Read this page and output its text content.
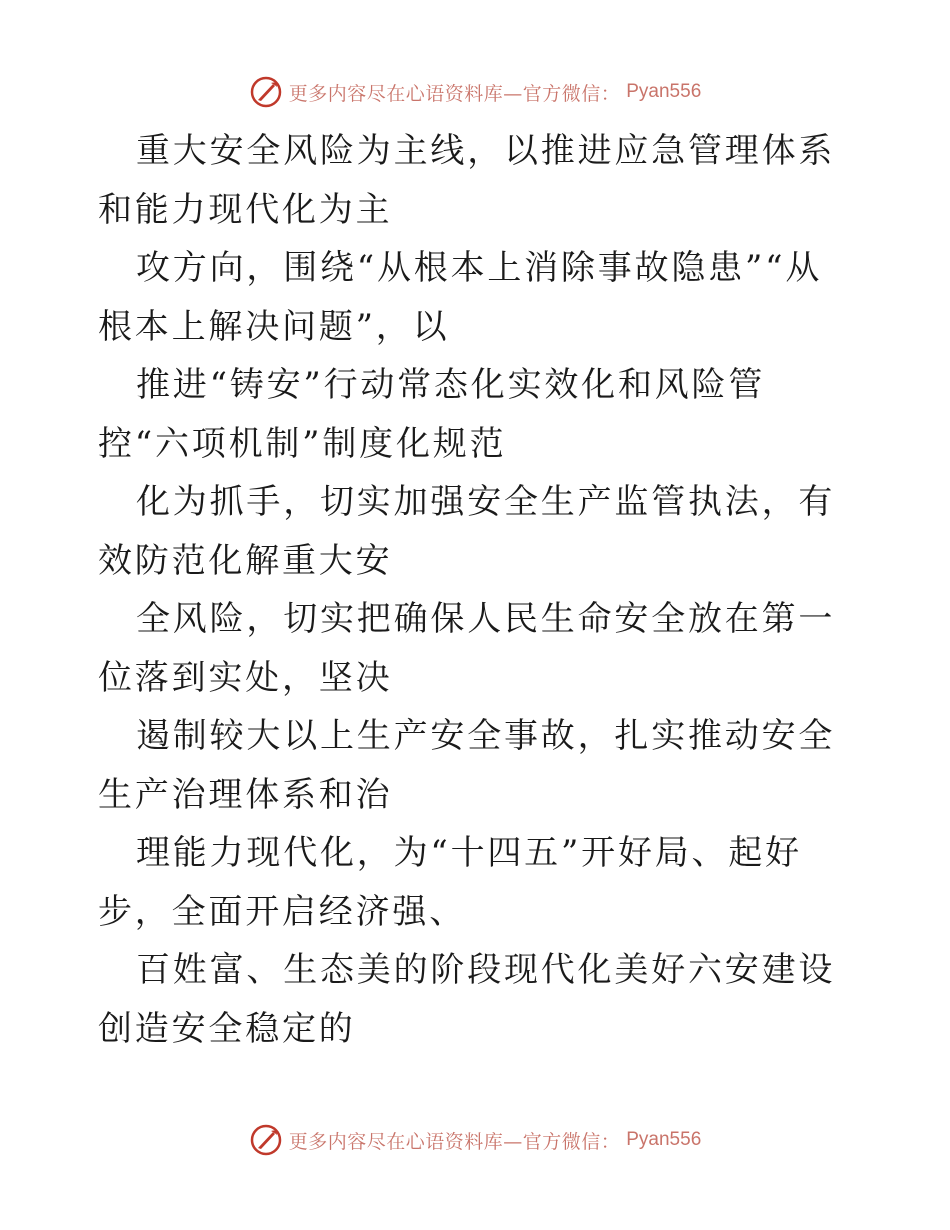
更多内容尽在心语资料库—官方微信： Pyan556

重大安全风险为主线，以推进应急管理体系和能力现代化为主

攻方向，围绕“从根本上消除事故隐患”“从根本上解决问题”，以

推进“铸安”行动常态化实效化和风险管控“六项机制”制度化规范

化为抓手，切实加强安全生产监管执法，有效防范化解重大安

全风险，切实把确保人民生命安全放在第一位落到实处，坚决

遏制较大以上生产安全事故，扎实推动安全生产治理体系和治

理能力现代化，为“十四五”开好局、起好步，全面开启经济强、

百姓富、生态美的阶段现代化美好六安建设创造安全稳定的

更多内容尽在心语资料库—官方微信： Pyan556
